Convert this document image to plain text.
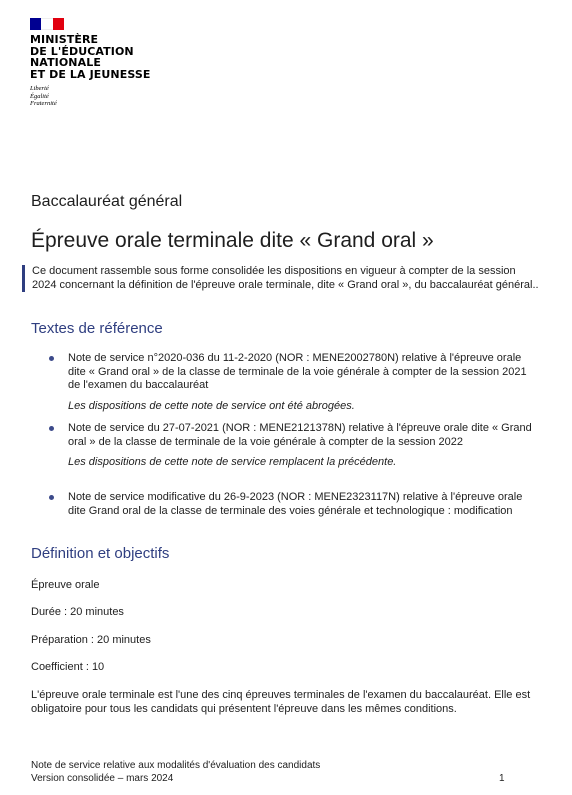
MINISTÈRE
DE L'ÉDUCATION
NATIONALE
ET DE LA JEUNESSE
Liberté
Égalité
Fraternité
Baccalauréat général
Épreuve orale terminale dite « Grand oral »
Ce document rassemble sous forme consolidée les dispositions en vigueur à compter de la session 2024 concernant la définition de l'épreuve orale terminale, dite « Grand oral », du baccalauréat général..
Textes de référence
Note de service n°2020-036 du 11-2-2020 (NOR : MENE2002780N) relative à l'épreuve orale dite « Grand oral » de la classe de terminale de la voie générale à compter de la session 2021 de l'examen du baccalauréat
Les dispositions de cette note de service ont été abrogées.
Note de service du 27-07-2021 (NOR : MENE2121378N) relative à l'épreuve orale dite « Grand oral » de la classe de terminale de la voie générale à compter de la session 2022
Les dispositions de cette note de service remplacent la précédente.
Note de service modificative du 26-9-2023 (NOR : MENE2323117N) relative à l'épreuve orale dite Grand oral de la classe de terminale des voies générale et technologique : modification
Définition et objectifs
Épreuve orale
Durée : 20 minutes
Préparation : 20 minutes
Coefficient : 10
L'épreuve orale terminale est l'une des cinq épreuves terminales de l'examen du baccalauréat. Elle est obligatoire pour tous les candidats qui présentent l'épreuve dans les mêmes conditions.
Note de service relative aux modalités d'évaluation des candidats
Version consolidée – mars 2024	1
